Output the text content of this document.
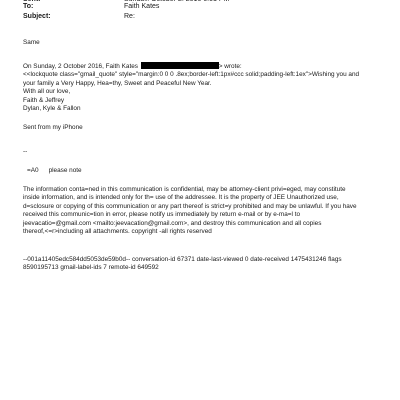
To:	Faith Kates
Subject:	Re:
Same
On Sunday, 2 October 2016, Faith Kates	> wrote:
<<lockquote class="gmail_quote" style="margin:0 0 0 .8ex;border-left:1px#ccc solid;padding-left:1ex">Wishing you and
your family a Very Happy, Hea=thy, Sweet and Peaceful New Year.
With all our love,
Faith & Jeffrey
Dylan, Kyle & Fallon
Sent from my iPhone
--
=A0 please note
The information conta=ned in this communication is confidential, may be attorney-client privi=eged, may constitute
inside information, and is intended only for th= use of the addressee. It is the property of JEE Unauthorized use,
d=sclosure or copying of this communication or any part thereof is strict=y prohibited and may be unlawful. If you have
received this communic=tion in error, please notify us immediately by return e-mail or by e-ma=l to
jeevacatio=@gmail.com <mailto:jeevacation@gmail.com>, and destroy this communication and all copies
thereof,<=r>including all attachments. copyright -all rights reserved
--001a11405edc584dd5053de59b0d-- conversation-id 67371 date-last-viewed 0 date-received 1475431246 flags
8590195713 gmail-label-ids 7 remote-id 649592
